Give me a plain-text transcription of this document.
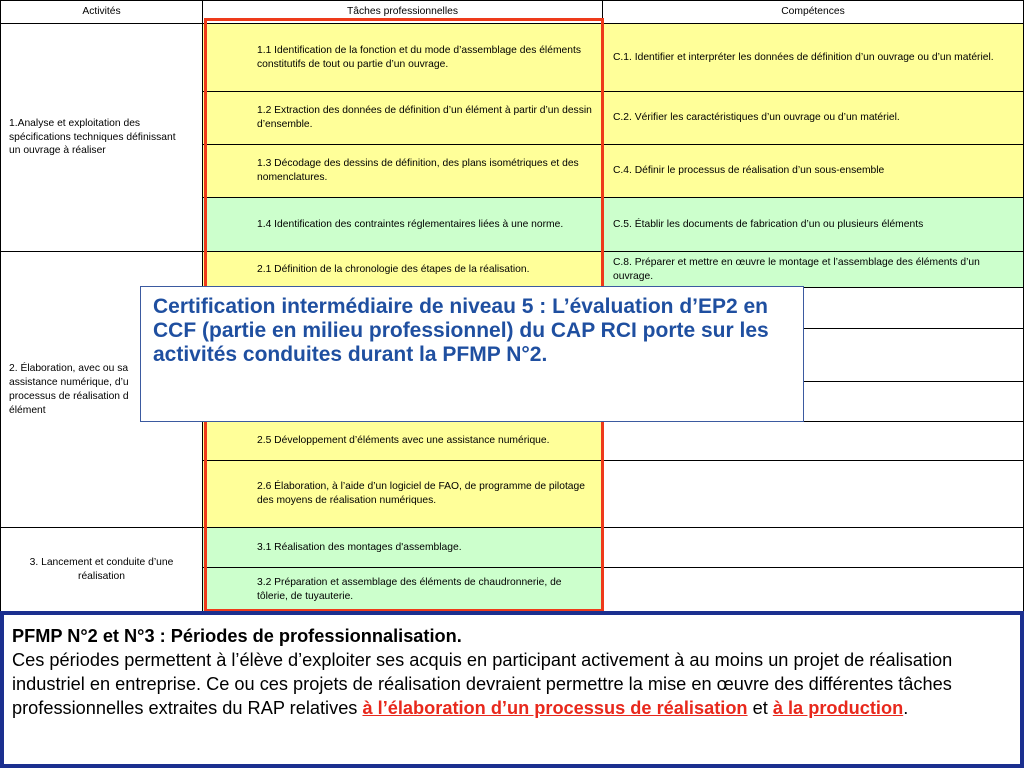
Activités	Tâches professionnelles	Compétences
1.Analyse et exploitation des spécifications techniques définissant un ouvrage à réaliser
2. Élaboration, avec ou sa
assistance numérique, d’u
processus de réalisation d
élément
3. Lancement et conduite d’une réalisation
1.1 Identification de la fonction et du mode d’assemblage des éléments constitutifs de tout ou partie d’un ouvrage.
1.2 Extraction des données de définition d’un élément à partir d’un dessin d’ensemble.
1.3 Décodage des dessins de définition, des plans isométriques et des nomenclatures.
1.4 Identification des contraintes réglementaires liées à une norme.
2.1 Définition de la chronologie des étapes de la réalisation.
2.5 Développement d’éléments avec une assistance numérique.
2.6 Élaboration, à l’aide d’un logiciel de FAO, de programme de pilotage des moyens de réalisation numériques.
3.1 Réalisation des montages d'assemblage.
3.2 Préparation et assemblage des éléments de chaudronnerie, de tôlerie, de tuyauterie.
C.1. Identifier et interpréter les données de définition d’un ouvrage ou d’un matériel.
C.2. Vérifier les caractéristiques d’un ouvrage ou d’un matériel.
C.4. Définir le processus de réalisation d’un sous-ensemble
C.5. Établir les documents de fabrication d’un ou plusieurs éléments
C.8. Préparer et mettre en œuvre le montage et l’assemblage des éléments d’un ouvrage.
Certification intermédiaire de niveau 5 : L’évaluation d’EP2 en CCF (partie en milieu professionnel) du CAP RCI porte sur les activités conduites durant la PFMP N°2.
PFMP N°2 et N°3 : Périodes de professionnalisation.
Ces périodes permettent à l’élève d’exploiter ses acquis en participant activement à au moins un projet de réalisation industriel en entreprise. Ce ou ces projets de réalisation devraient permettre la mise en œuvre des différentes tâches professionnelles extraites du RAP relatives à l’élaboration d’un processus de réalisation et à la production.
